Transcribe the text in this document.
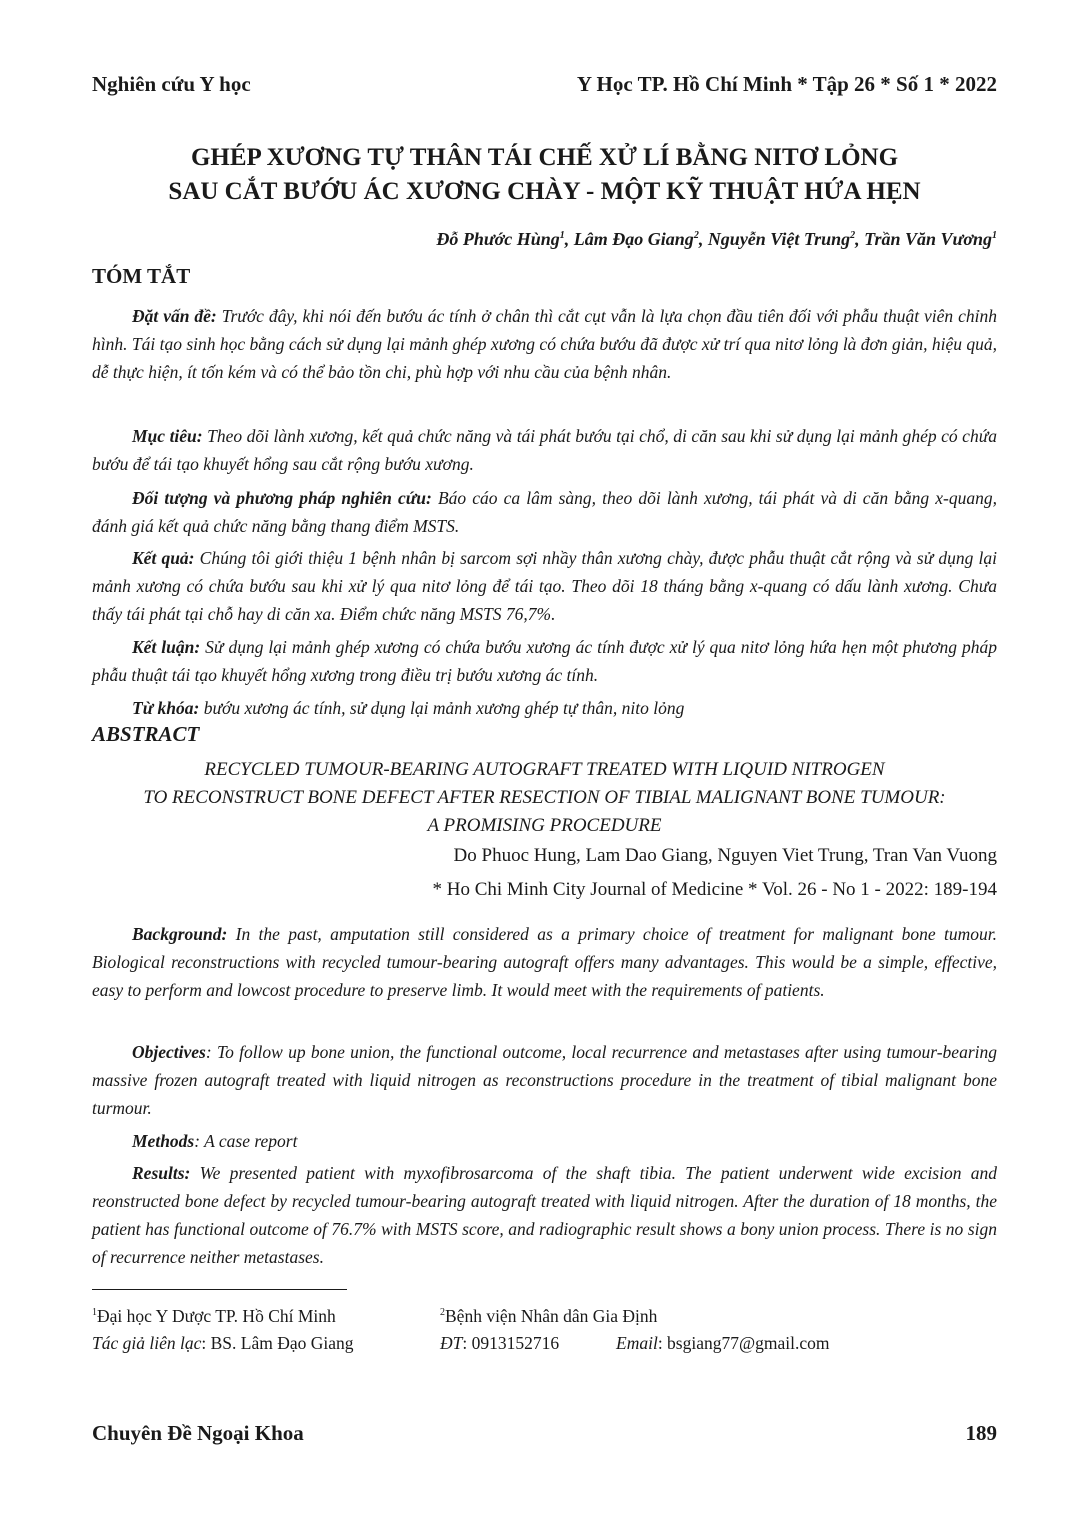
Nghiên cứu Y học	Y Học TP. Hồ Chí Minh * Tập 26 * Số 1 * 2022
GHÉP XƯƠNG TỰ THÂN TÁI CHẾ XỬ LÍ BẰNG NITƠ LỎNG
SAU CẮT BƯỚU ÁC XƯƠNG CHÀY - MỘT KỸ THUẬT HỨA HẸN
Đỗ Phước Hùng$^1$, Lâm Đạo Giang$^2$, Nguyễn Việt Trung$^2$, Trần Văn Vương$^1$
TÓM TẮT

Đặt vấn đề: Trước đây, khi nói đến bướu ác tính ở chân thì cắt cụt vẫn là lựa chọn đầu tiên đối với phẫu thuật viên chỉnh hình. Tái tạo sinh học bằng cách sử dụng lại mảnh ghép xương có chứa bướu đã được xử trí qua nitơ lỏng là đơn giản, hiệu quả, dễ thực hiện, ít tốn kém và có thể bảo tồn chi, phù hợp với nhu cầu của bệnh nhân.

Mục tiêu: Theo dõi lành xương, kết quả chức năng và tái phát bướu tại chổ, di căn sau khi sử dụng lại mảnh ghép có chứa bướu để tái tạo khuyết hổng sau cắt rộng bướu xương.

Đối tượng và phương pháp nghiên cứu: Báo cáo ca lâm sàng, theo dõi lành xương, tái phát và di căn bằng x-quang, đánh giá kết quả chức năng bằng thang điểm MSTS.

Kết quả: Chúng tôi giới thiệu 1 bệnh nhân bị sarcom sợi nhầy thân xương chày, được phẫu thuật cắt rộng và sử dụng lại mảnh xương có chứa bướu sau khi xử lý qua nitơ lỏng để tái tạo. Theo dõi 18 tháng bằng x-quang có dấu lành xương. Chưa thấy tái phát tại chỗ hay di căn xa. Điểm chức năng MSTS 76,7%.

Kết luận: Sử dụng lại mảnh ghép xương có chứa bướu xương ác tính được xử lý qua nitơ lỏng hứa hẹn một phương pháp phẫu thuật tái tạo khuyết hổng xương trong điều trị bướu xương ác tính.

Từ khóa: bướu xương ác tính, sử dụng lại mảnh xương ghép tự thân, nito lỏng

ABSTRACT
RECYCLED TUMOUR-BEARING AUTOGRAFT TREATED WITH LIQUID NITROGEN
TO RECONSTRUCT BONE DEFECT AFTER RESECTION OF TIBIAL MALIGNANT BONE TUMOUR:
A PROMISING PROCEDURE
Do Phuoc Hung, Lam Dao Giang, Nguyen Viet Trung, Tran Van Vuong
* Ho Chi Minh City Journal of Medicine * Vol. 26 - No 1 - 2022: 189-194

Background: In the past, amputation still considered as a primary choice of treatment for malignant bone tumour. Biological reconstructions with recycled tumour-bearing autograft offers many advantages. This would be a simple, effective, easy to perform and lowcost procedure to preserve limb. It would meet with the requirements of patients.

Objectives: To follow up bone union, the functional outcome, local recurrence and metastases after using tumour-bearing massive frozen autograft treated with liquid nitrogen as reconstructions procedure in the treatment of tibial malignant bone turmour.

Methods: A case report

Results: We presented patient with myxofibrosarcoma of the shaft tibia. The patient underwent wide excision and reonstructed bone defect by recycled tumour-bearing autograft treated with liquid nitrogen. After the duration of 18 months, the patient has functional outcome of 76.7% with MSTS score, and radiographic result shows a bony union process. There is no sign of recurrence neither metastases.

$^1$Đại học Y Dược TP. Hồ Chí Minh	$^2$Bệnh viện Nhân dân Gia Định
Tác giả liên lạc: BS. Lâm Đạo Giang	ĐT: 0913152716	Email: bsgiang77@gmail.com
Chuyên Đề Ngoại Khoa	189
